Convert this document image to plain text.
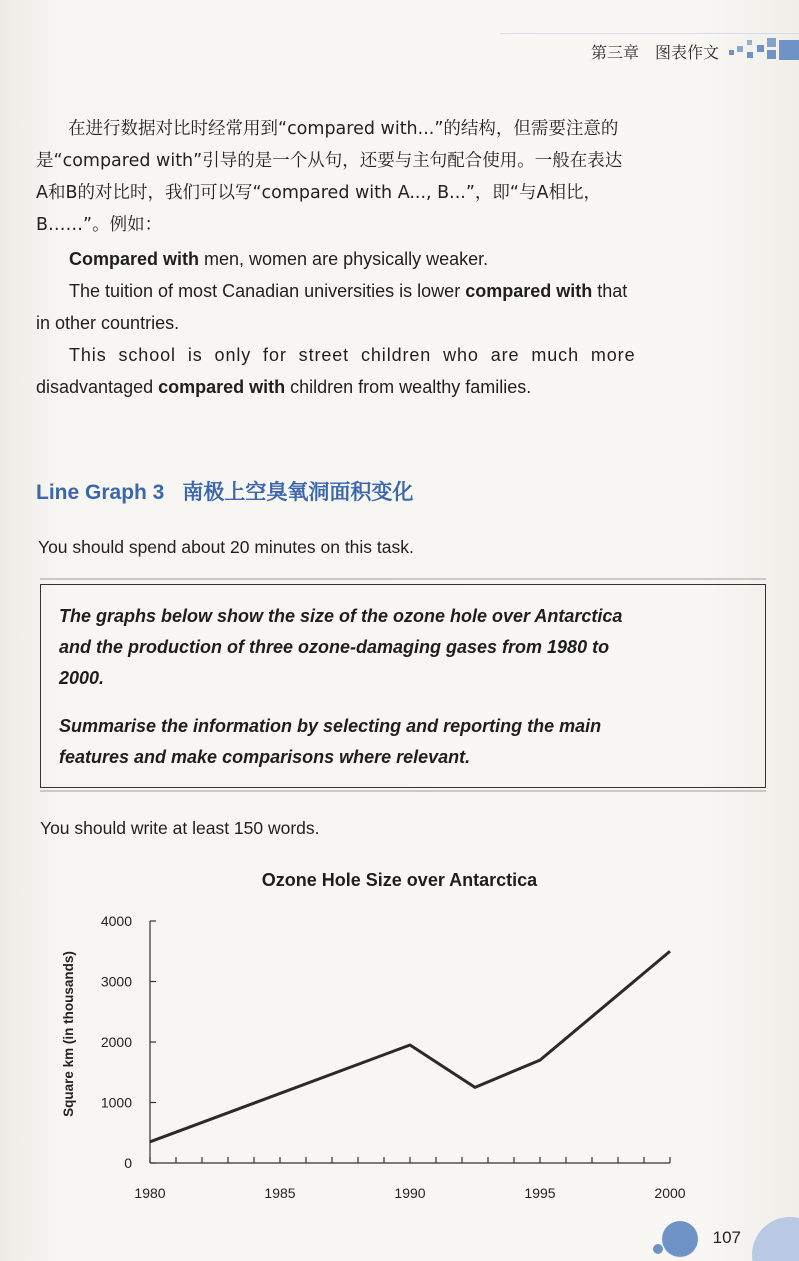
第三章 图表作文
在进行数据对比时经常用到“compared with...”的结构，但需要注意的
是“compared with”引导的是一个从句，还要与主句配合使用。一般在表达
A和B的对比时，我们可以写“compared with A..., B...”，即“与A相比，
B……”。例如：
Compared with men, women are physically weaker.
The tuition of most Canadian universities is lower compared with that
in other countries.
This school is only for street children who are much more
disadvantaged compared with children from wealthy families.
Line Graph 3 南极上空臭氧洞面积变化
You should spend about 20 minutes on this task.

The graphs below show the size of the ozone hole over Antarctica

and the production of three ozone-damaging gases from 1980 to

2000.

Summarise the information by selecting and reporting the main

features and make comparisons where relevant.

You should write at least 150 words.
Ozone Hole Size over Antarctica
0
1000
2000
3000
4000
1980	1985	1990	1995	2000
Square km (in thousands)
107
